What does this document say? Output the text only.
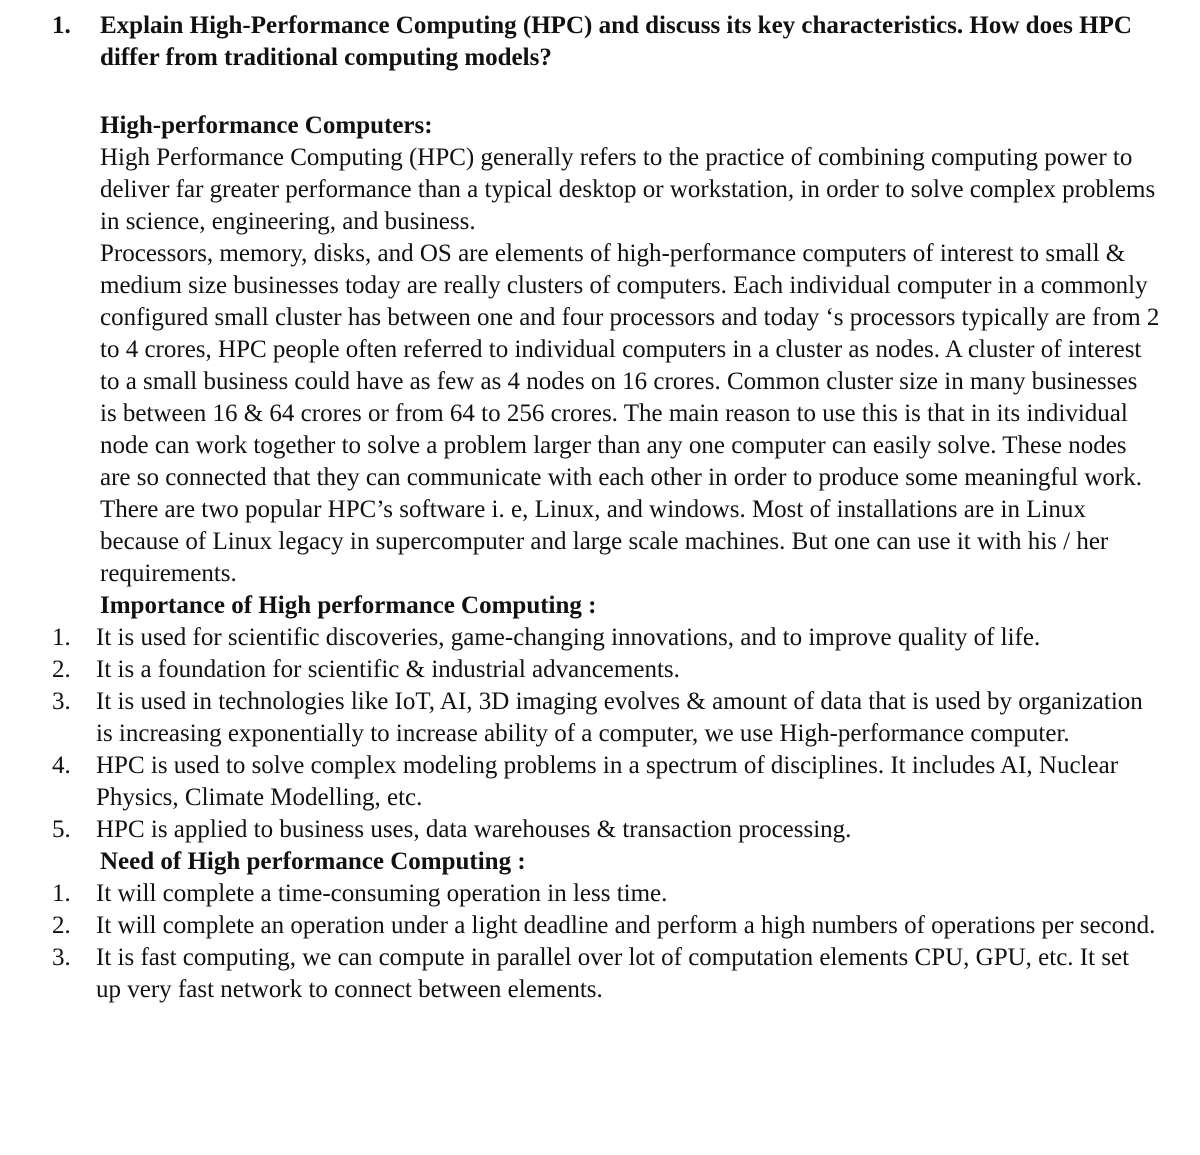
1.	Explain High-Performance Computing (HPC) and discuss its key characteristics. How does HPC differ from traditional computing models?

High-performance Computers:

High Performance Computing (HPC) generally refers to the practice of combining computing power to deliver far greater performance than a typical desktop or workstation, in order to solve complex problems in science, engineering, and business.

Processors, memory, disks, and OS are elements of high-performance computers of interest to small & medium size businesses today are really clusters of computers. Each individual computer in a commonly configured small cluster has between one and four processors and today ‘s processors typically are from 2 to 4 crores, HPC people often referred to individual computers in a cluster as nodes. A cluster of interest to a small business could have as few as 4 nodes on 16 crores. Common cluster size in many businesses is between 16 & 64 crores or from 64 to 256 crores. The main reason to use this is that in its individual node can work together to solve a problem larger than any one computer can easily solve. These nodes are so connected that they can communicate with each other in order to produce some meaningful work. There are two popular HPC’s software i. e, Linux, and windows. Most of installations are in Linux because of Linux legacy in supercomputer and large scale machines. But one can use it with his / her requirements.

Importance of High performance Computing :

1.	It is used for scientific discoveries, game-changing innovations, and to improve quality of life.
2.	It is a foundation for scientific & industrial advancements.
3.	It is used in technologies like IoT, AI, 3D imaging evolves & amount of data that is used by organization is increasing exponentially to increase ability of a computer, we use High-performance computer.
4.	HPC is used to solve complex modeling problems in a spectrum of disciplines. It includes AI, Nuclear Physics, Climate Modelling, etc.
5.	HPC is applied to business uses, data warehouses & transaction processing.

Need of High performance Computing :

1.	It will complete a time-consuming operation in less time.
2.	It will complete an operation under a light deadline and perform a high numbers of operations per second.
3.	It is fast computing, we can compute in parallel over lot of computation elements CPU, GPU, etc. It set up very fast network to connect between elements.
